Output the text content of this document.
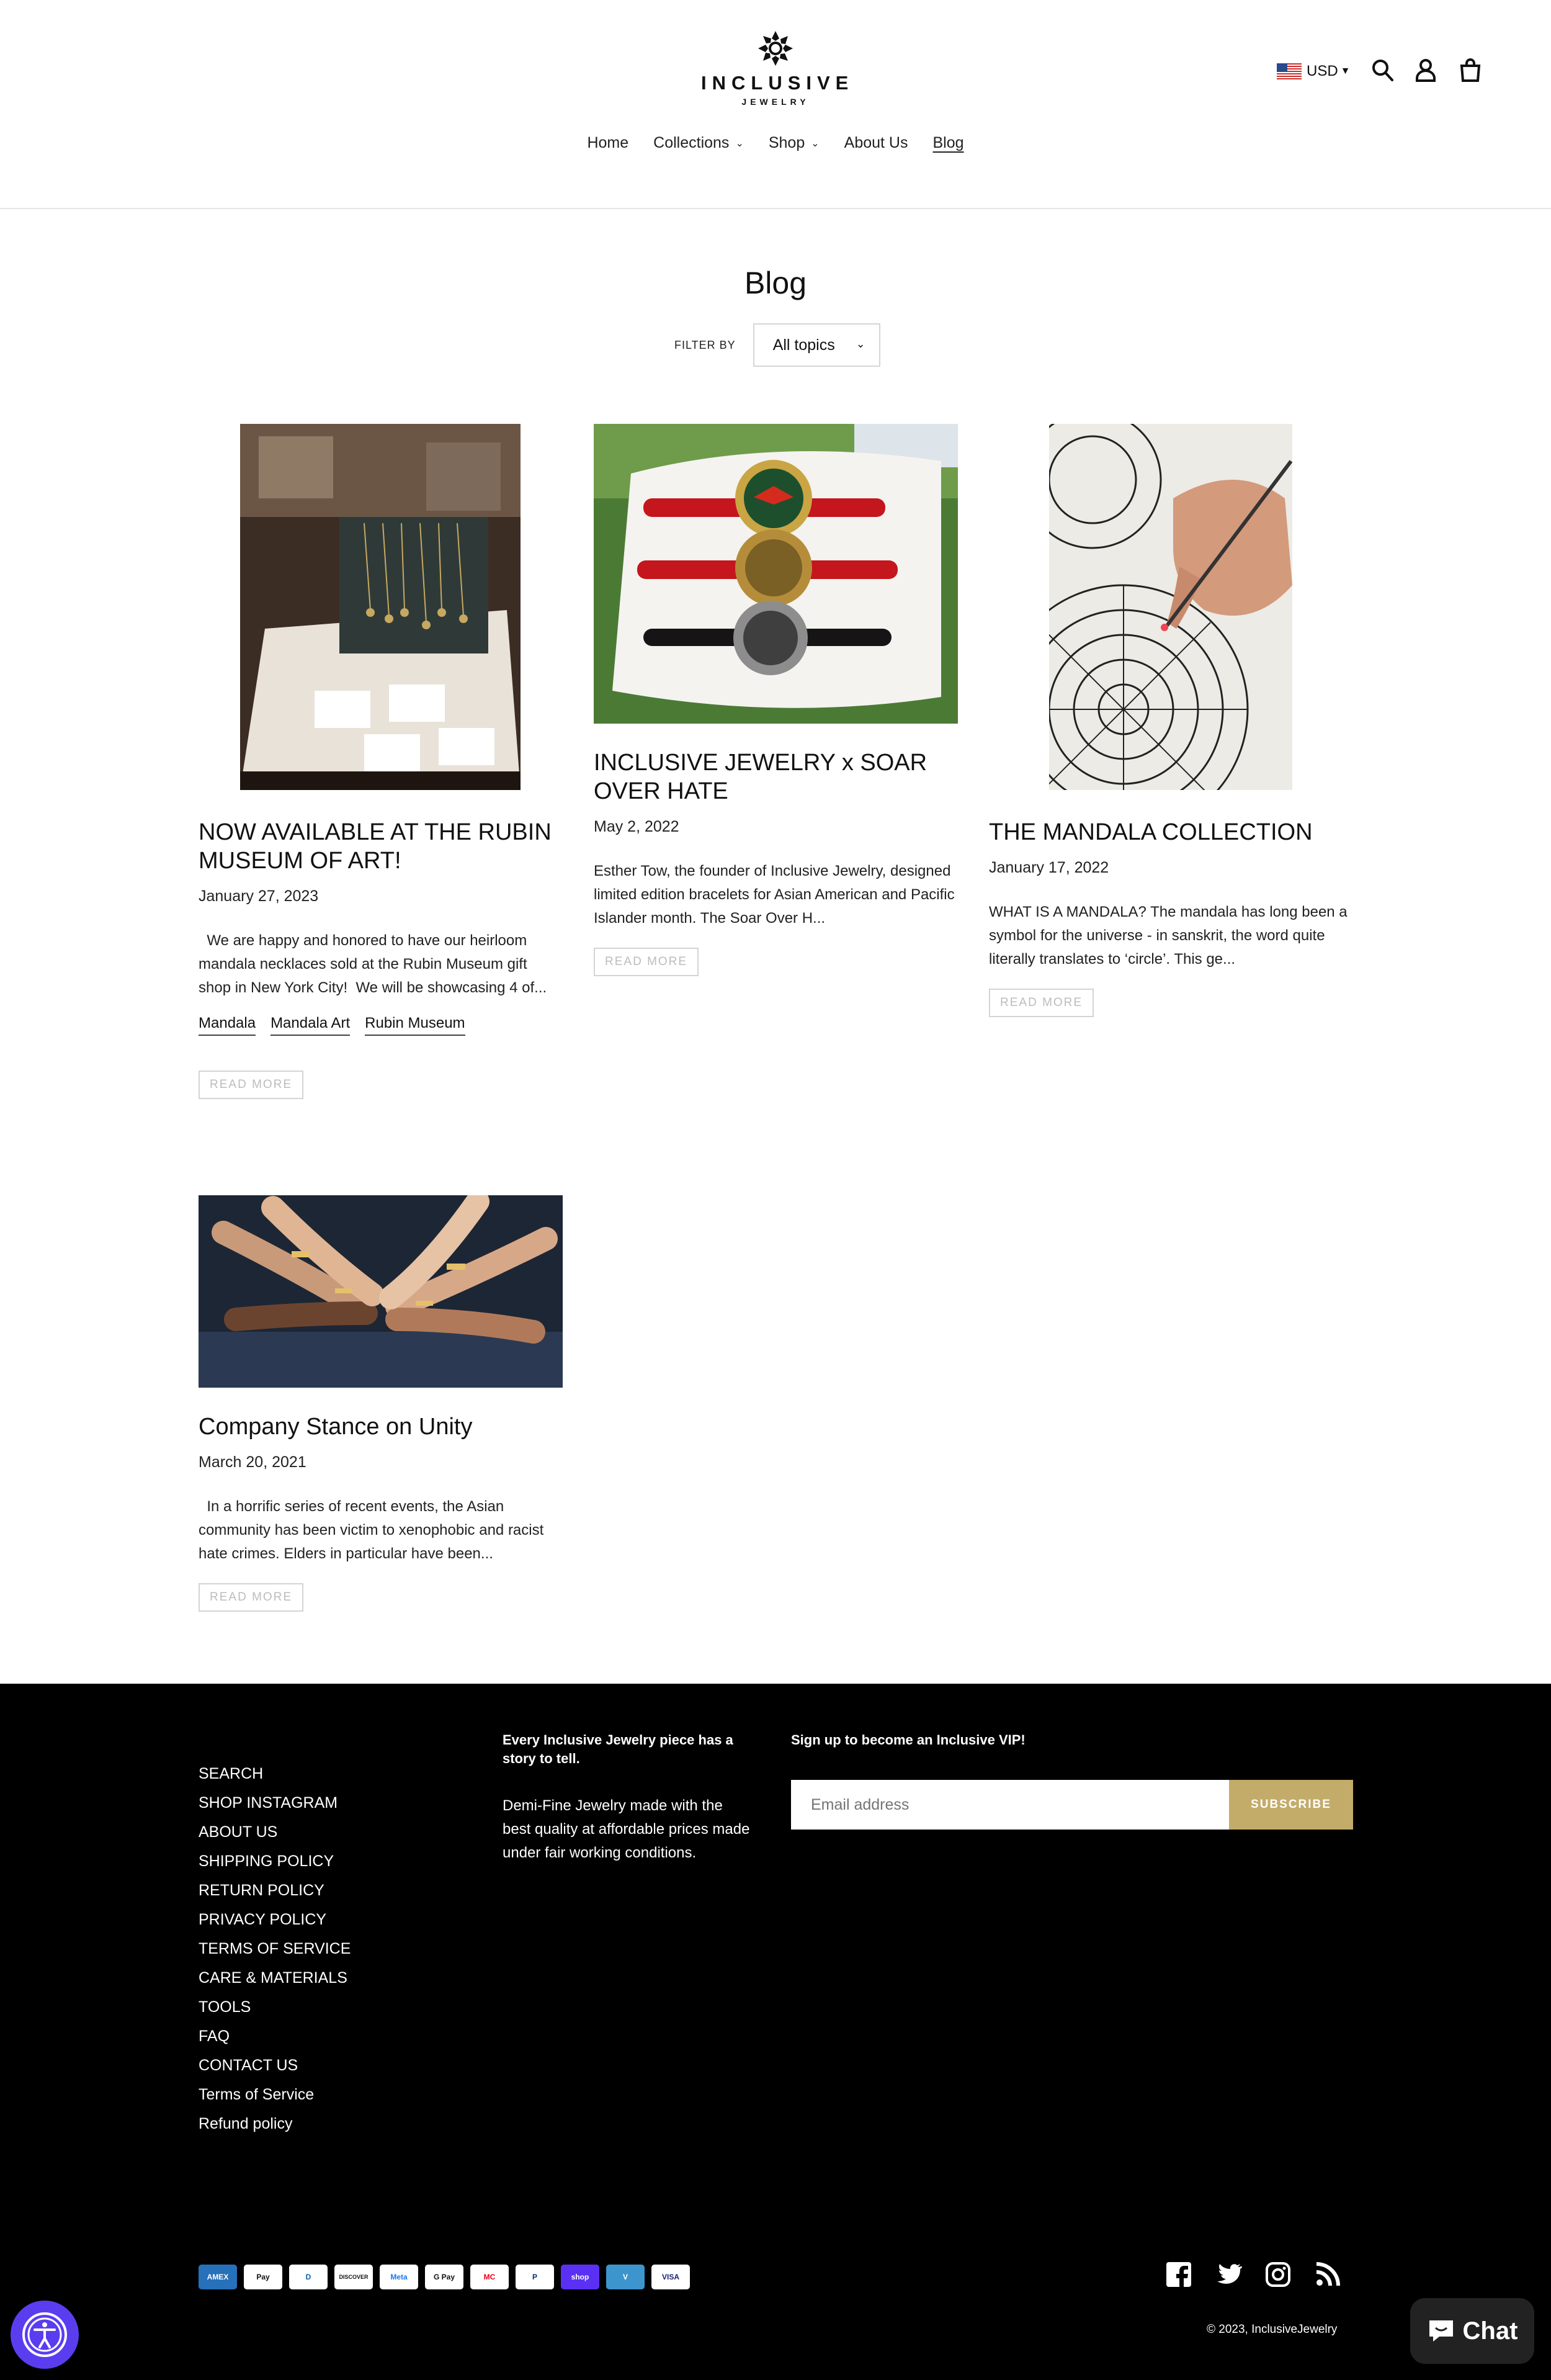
INCLUSIVE
JEWELRY
USD ▼
Home Collections ⌄ Shop ⌄ About Us Blog
Blog
FILTER BY All topics ⌄
NOW AVAILABLE AT THE RUBIN MUSEUM OF ART!
January 27, 2023

We are happy and honored to have our heirloom mandala necklaces sold at the Rubin Museum gift shop in New York City!  We will be showcasing 4 of...

Mandala Mandala Art Rubin Museum
READ MORE
INCLUSIVE JEWELRY x SOAR OVER HATE
May 2, 2022

Esther Tow, the founder of Inclusive Jewelry, designed limited edition bracelets for Asian American and Pacific Islander month. The Soar Over H...

READ MORE
THE MANDALA COLLECTION
January 17, 2022

WHAT IS A MANDALA? The mandala has long been a symbol for the universe - in sanskrit, the word quite literally translates to ‘circle’. This ge...

READ MORE
Company Stance on Unity
March 20, 2021

In a horrific series of recent events, the Asian community has been victim to xenophobic and racist hate crimes. Elders in particular have been...

READ MORE
SEARCH
SHOP INSTAGRAM
ABOUT US
SHIPPING POLICY
RETURN POLICY
PRIVACY POLICY
TERMS OF SERVICE
CARE & MATERIALS
TOOLS
FAQ
CONTACT US
Terms of Service
Refund policy
Every Inclusive Jewelry piece has a story to tell.

Demi-Fine Jewelry made with the best quality at affordable prices made under fair working conditions.

Sign up to become an Inclusive VIP!
Email address
SUBSCRIBE
AMEX	Pay	D	DISCOVER	Meta	G Pay	MC	P	shop	V	VISA
© 2023, InclusiveJewelry	Chat
